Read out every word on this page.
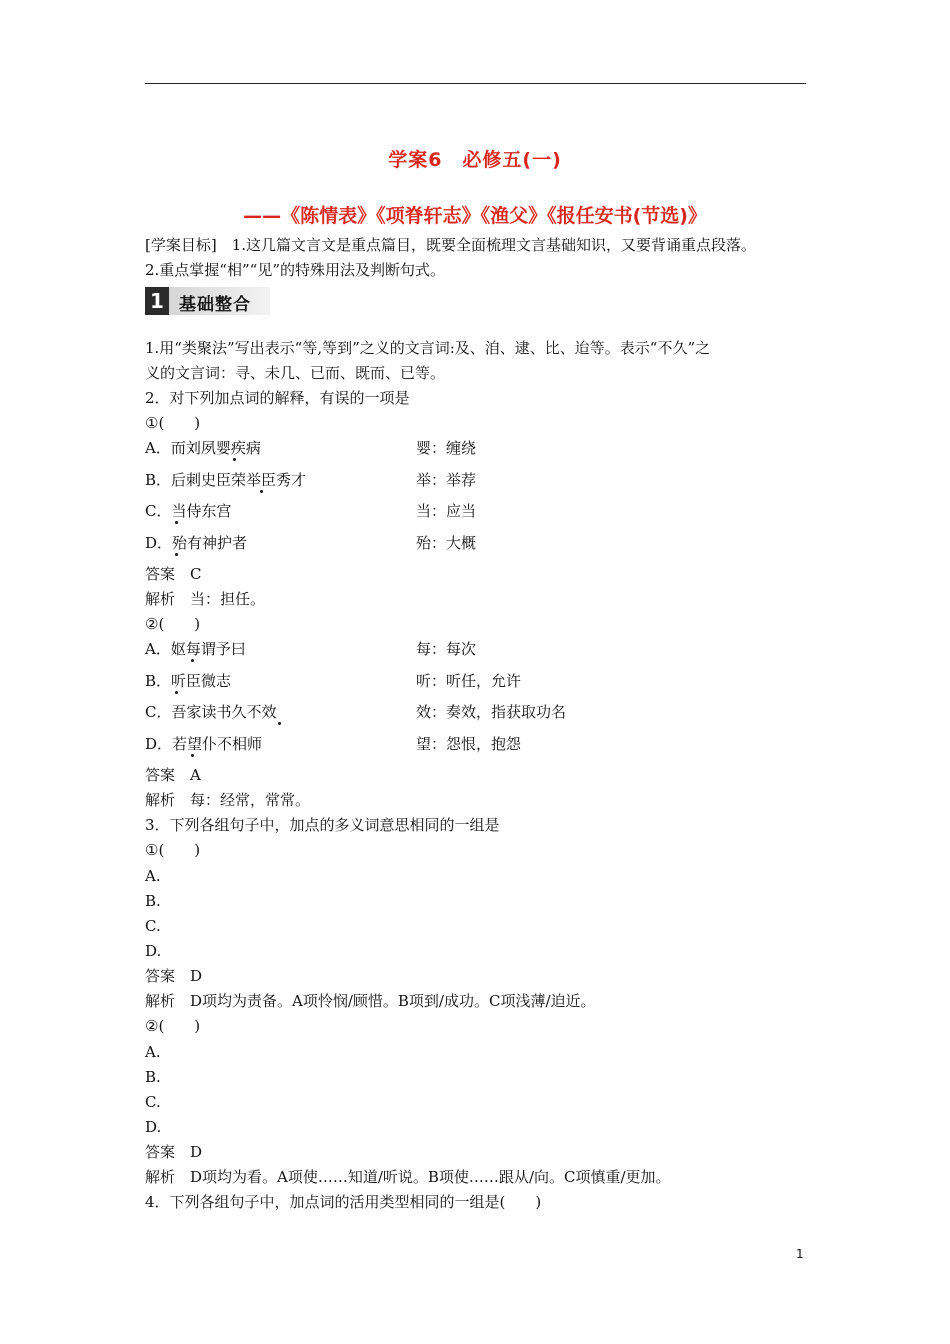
学案6　必修五(一)
——《陈情表》《项脊轩志》《渔父》《报任安书(节选)》
[学案目标]　1.这几篇文言文是重点篇目，既要全面梳理文言基础知识，又要背诵重点段落。
2.重点掌握“相”“见”的特殊用法及判断句式。
1 基础整合
1.用“类聚法”写出表示“等,等到”之义的文言词:及、洎、逮、比、迨等。表示“不久”之
义的文言词：寻、未几、已而、既而、已等。
2．对下列加点词的解释，有误的一项是
①(　　)
A．而刘夙婴疾病	婴：缠绕
B．后刺史臣荣举臣秀才	举：举荐
C．当侍东宫	当：应当
D．殆有神护者	殆：大概
答案　C
解析　当：担任。
②(　　)
A．妪每谓予曰	每：每次
B．听臣微志	听：听任，允许
C．吾家读书久不效	效：奏效，指获取功名
D．若望仆不相师	望：怨恨，抱怨
答案　A
解析　每：经常，常常。
3．下列各组句子中，加点的多义词意思相同的一组是
①(　　)
A.
B.
C.
D.
答案　D
解析　D项均为责备。A项怜悯/顾惜。B项到/成功。C项浅薄/迫近。
②(　　)
A.
B.
C.
D.
答案　D
解析　D项均为看。A项使……知道/听说。B项使……跟从/向。C项慎重/更加。
4．下列各组句子中，加点词的活用类型相同的一组是(　　)
1
